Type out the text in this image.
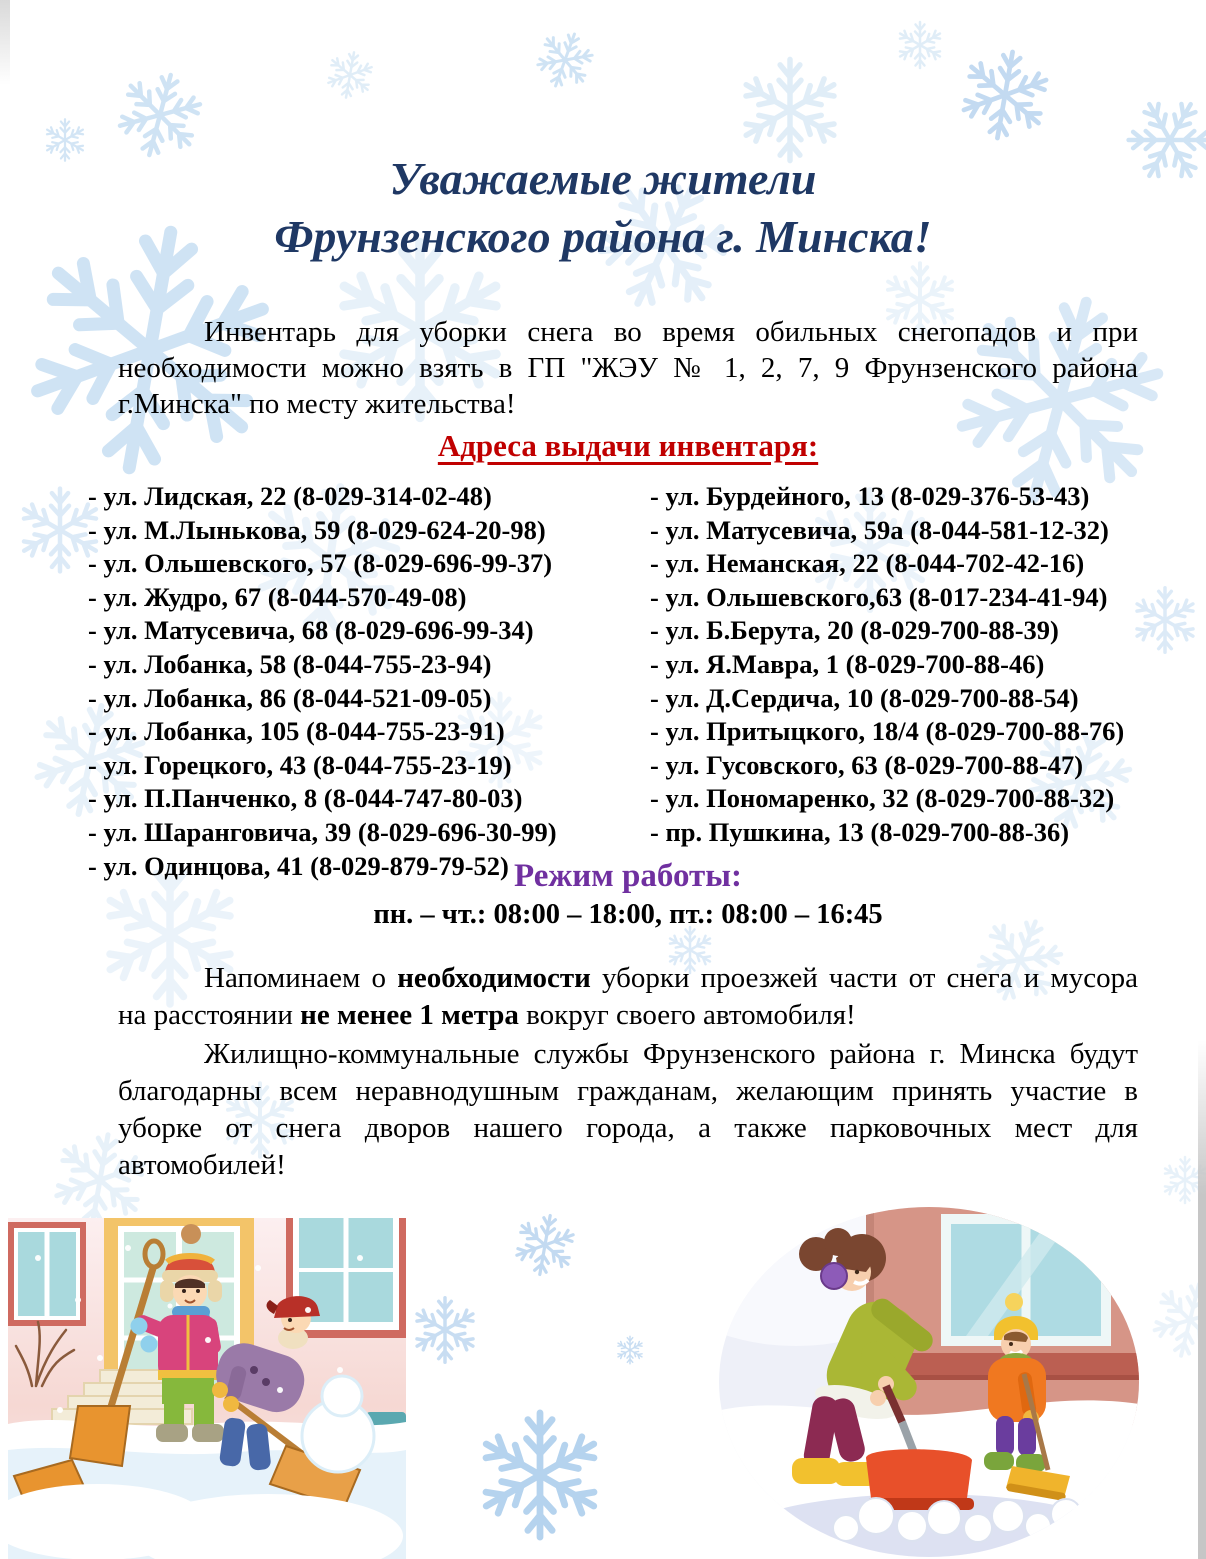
Уважаемые жители
Фрунзенского района г. Минска!
Инвентарь для уборки снега во время обильных снегопадов и при необходимости можно взять в ГП "ЖЭУ № 1, 2, 7, 9 Фрунзенского района г.Минска" по месту жительства!
Адреса выдачи инвентаря:
- ул. Лидская, 22 (8-029-314-02-48)
- ул. М.Лынькова, 59 (8-029-624-20-98)
- ул. Ольшевского, 57 (8-029-696-99-37)
- ул. Жудро, 67 (8-044-570-49-08)
- ул. Матусевича, 68 (8-029-696-99-34)
- ул. Лобанка, 58 (8-044-755-23-94)
- ул. Лобанка, 86 (8-044-521-09-05)
- ул. Лобанка, 105 (8-044-755-23-91)
- ул. Горецкого, 43 (8-044-755-23-19)
- ул. П.Панченко, 8 (8-044-747-80-03)
- ул. Шаранговича, 39 (8-029-696-30-99)
- ул. Одинцова, 41 (8-029-879-79-52)
- ул. Бурдейного, 13 (8-029-376-53-43)
- ул. Матусевича, 59а (8-044-581-12-32)
- ул. Неманская, 22 (8-044-702-42-16)
- ул. Ольшевского,63 (8-017-234-41-94)
- ул. Б.Берута, 20 (8-029-700-88-39)
- ул. Я.Мавра, 1 (8-029-700-88-46)
- ул. Д.Сердича, 10 (8-029-700-88-54)
- ул. Притыцкого, 18/4 (8-029-700-88-76)
- ул. Гусовского, 63 (8-029-700-88-47)
- ул. Пономаренко, 32 (8-029-700-88-32)
- пр. Пушкина, 13 (8-029-700-88-36)
Режим работы:
пн. – чт.: 08:00 – 18:00, пт.: 08:00 – 16:45
Напоминаем о необходимости уборки проезжей части от снега и мусора на расстоянии не менее 1 метра вокруг своего автомобиля!
Жилищно-коммунальные службы Фрунзенского района г. Минска будут благодарны всем неравнодушным гражданам, желающим принять участие в уборке от снега дворов нашего города, а также парковочных мест для автомобилей!
